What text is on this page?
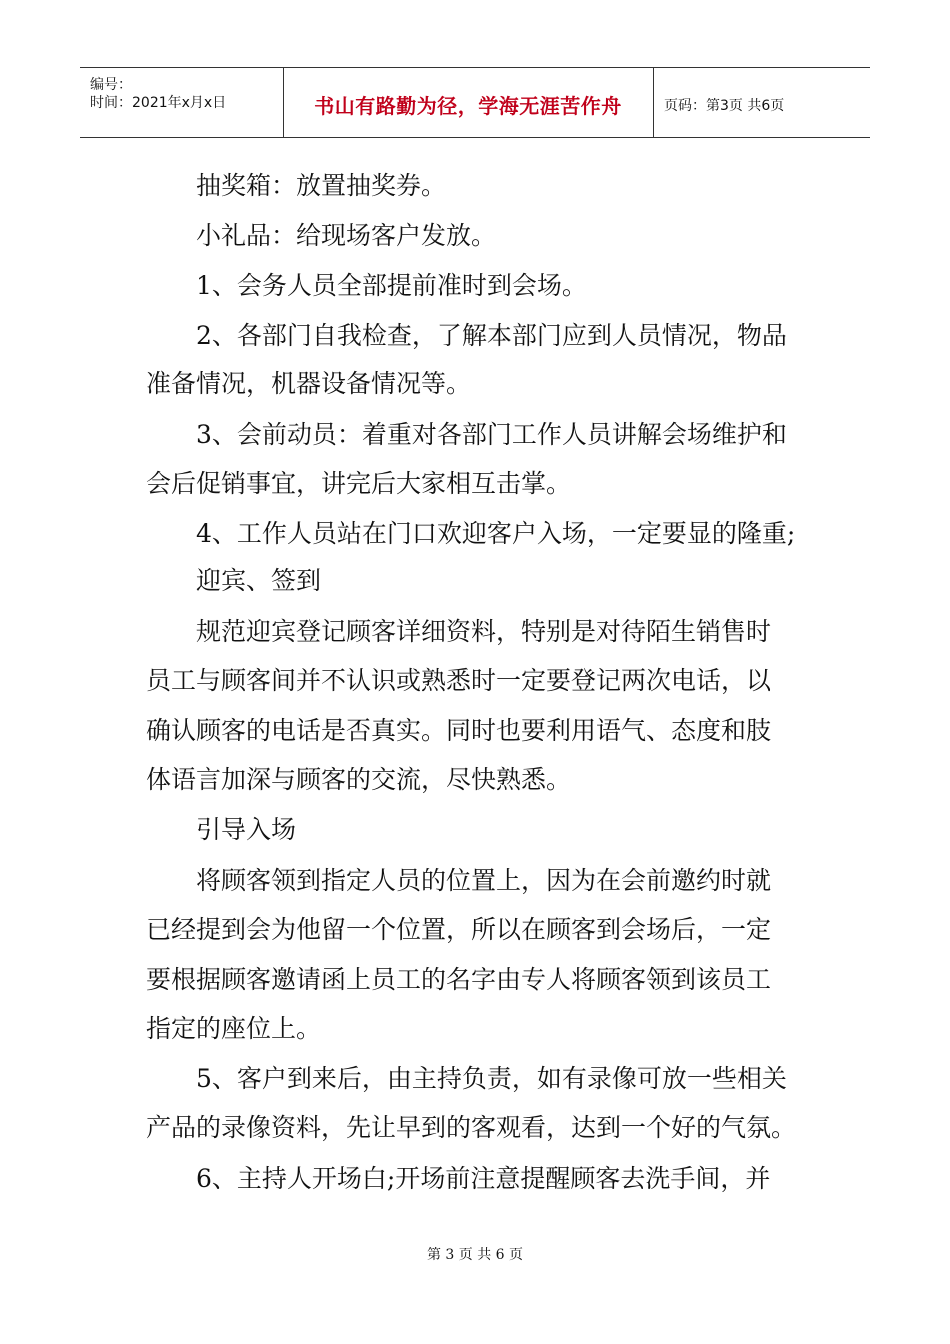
编号：
时间：2021年x月x日	书山有路勤为径，学海无涯苦作舟	页码：第3页 共6页
抽奖箱：放置抽奖券。
小礼品：给现场客户发放。
1、会务人员全部提前准时到会场。
2、各部门自我检查，了解本部门应到人员情况，物品
准备情况，机器设备情况等。
3、会前动员：着重对各部门工作人员讲解会场维护和
会后促销事宜，讲完后大家相互击掌。
4、工作人员站在门口欢迎客户入场，一定要显的隆重;
迎宾、签到
规范迎宾登记顾客详细资料，特别是对待陌生销售时
员工与顾客间并不认识或熟悉时一定要登记两次电话，以
确认顾客的电话是否真实。同时也要利用语气、态度和肢
体语言加深与顾客的交流，尽快熟悉。
引导入场
将顾客领到指定人员的位置上，因为在会前邀约时就
已经提到会为他留一个位置，所以在顾客到会场后，一定
要根据顾客邀请函上员工的名字由专人将顾客领到该员工
指定的座位上。
5、客户到来后，由主持负责，如有录像可放一些相关
产品的录像资料，先让早到的客观看，达到一个好的气氛。
6、主持人开场白;开场前注意提醒顾客去洗手间，并
第 3 页 共 6 页
